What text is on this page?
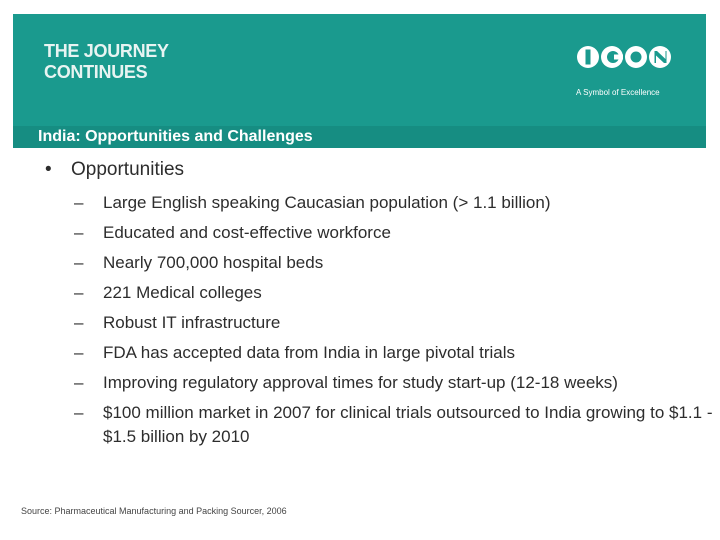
THE JOURNEY
CONTINUES
ICON
A Symbol of Excellence
India: Opportunities and Challenges
• Opportunities
– Large English speaking Caucasian population (> 1.1 billion)
– Educated and cost-effective workforce
– Nearly 700,000 hospital beds
– 221 Medical colleges
– Robust IT infrastructure
– FDA has accepted data from India in large pivotal trials
– Improving regulatory approval times for study start-up (12-18 weeks)
– $100 million market in 2007 for clinical trials outsourced to India growing to $1.1 - $1.5 billion by 2010
Source: Pharmaceutical Manufacturing and Packing Sourcer, 2006
